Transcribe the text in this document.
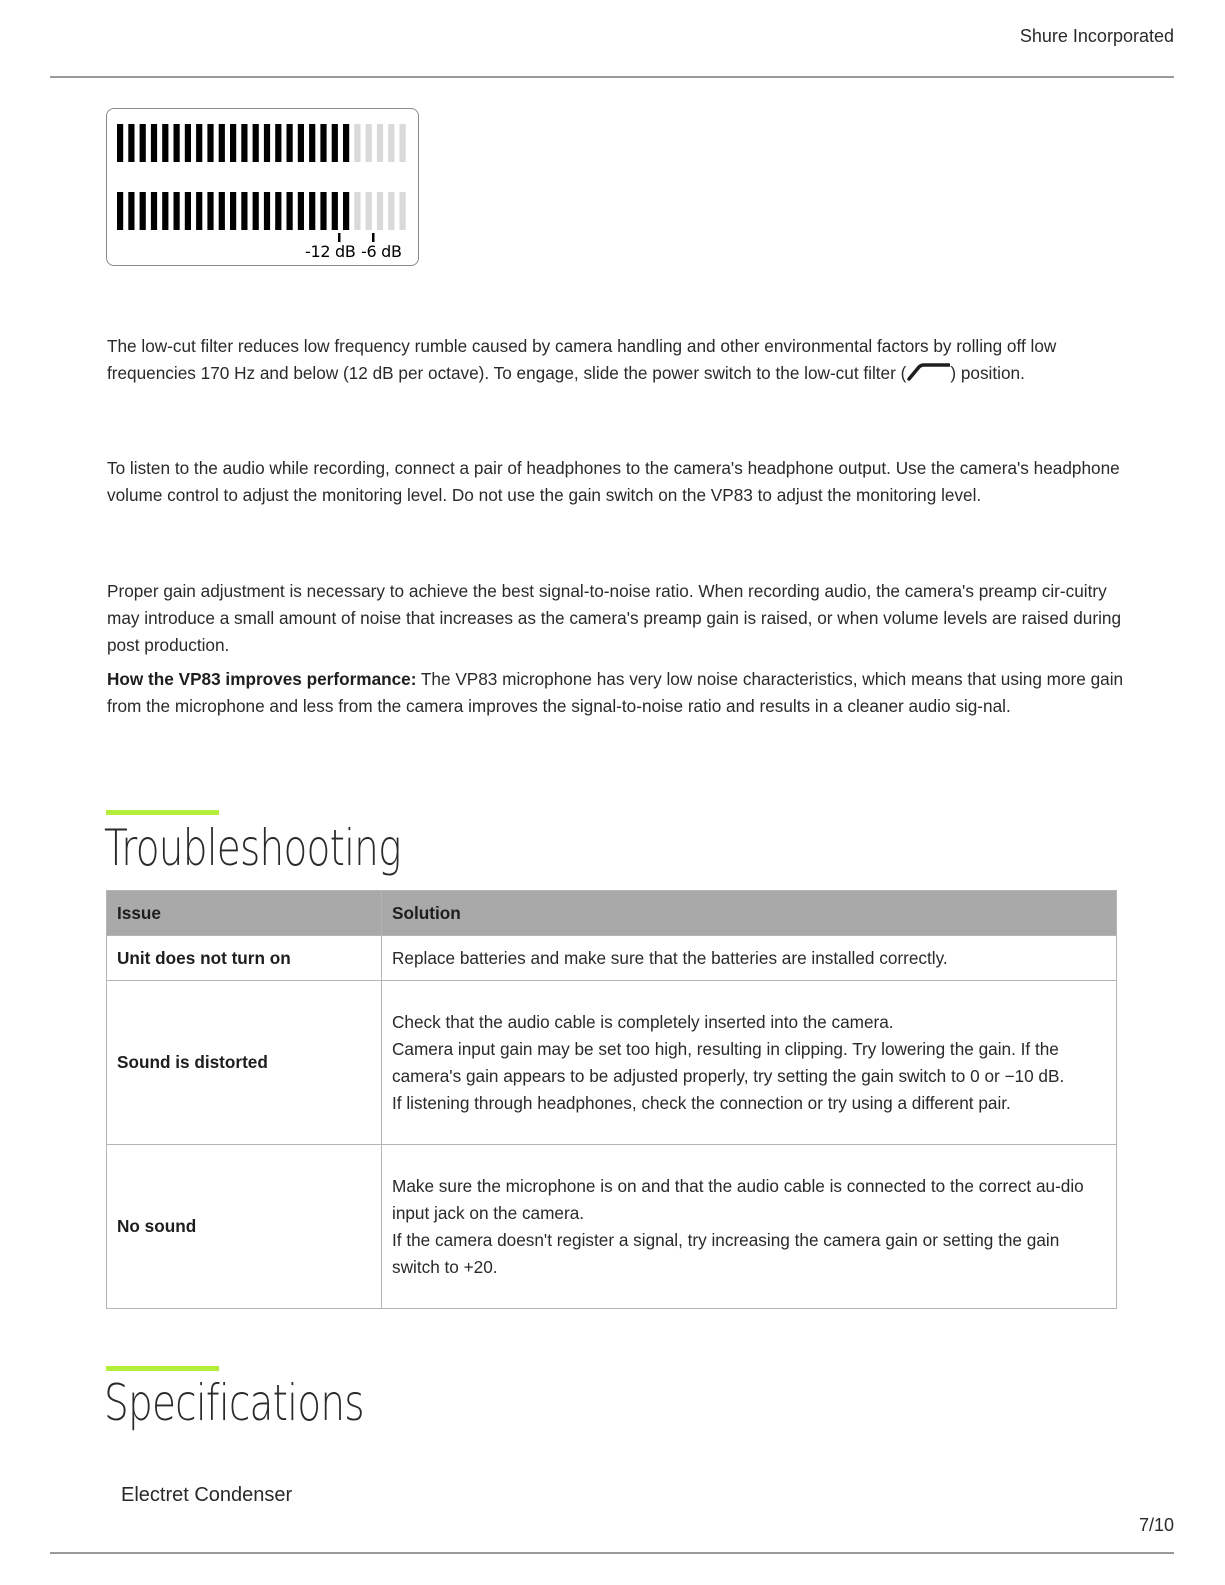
Shure Incorporated
-12 dB -6 dB

The low-cut filter reduces low frequency rumble caused by camera handling and other environmental factors by rolling off low frequencies 170 Hz and below (12 dB per octave). To engage, slide the power switch to the low-cut filter (	) position.

To listen to the audio while recording, connect a pair of headphones to the camera's headphone output. Use the camera's headphone volume control to adjust the monitoring level. Do not use the gain switch on the VP83 to adjust the monitoring level.

Proper gain adjustment is necessary to achieve the best signal-to-noise ratio. When recording audio, the camera's preamp cir-cuitry may introduce a small amount of noise that increases as the camera's preamp gain is raised, or when volume levels are raised during post production.

How the VP83 improves performance: The VP83 microphone has very low noise characteristics, which means that using more gain from the microphone and less from the camera improves the signal-to-noise ratio and results in a cleaner audio sig-nal.

Troubleshooting
Issue	Solution
Unit does not turn on	Replace batteries and make sure that the batteries are installed correctly.

Sound is distorted	Check that the audio cable is completely inserted into the camera.
Camera input gain may be set too high, resulting in clipping. Try lowering the gain. If the camera's gain appears to be adjusted properly, try setting the gain switch to 0 or −10 dB.
If listening through headphones, check the connection or try using a different pair.

No sound	Make sure the microphone is on and that the audio cable is connected to the correct au-dio input jack on the camera.
If the camera doesn't register a signal, try increasing the camera gain or setting the gain switch to +20.
Specifications
Electret Condenser
7/10
